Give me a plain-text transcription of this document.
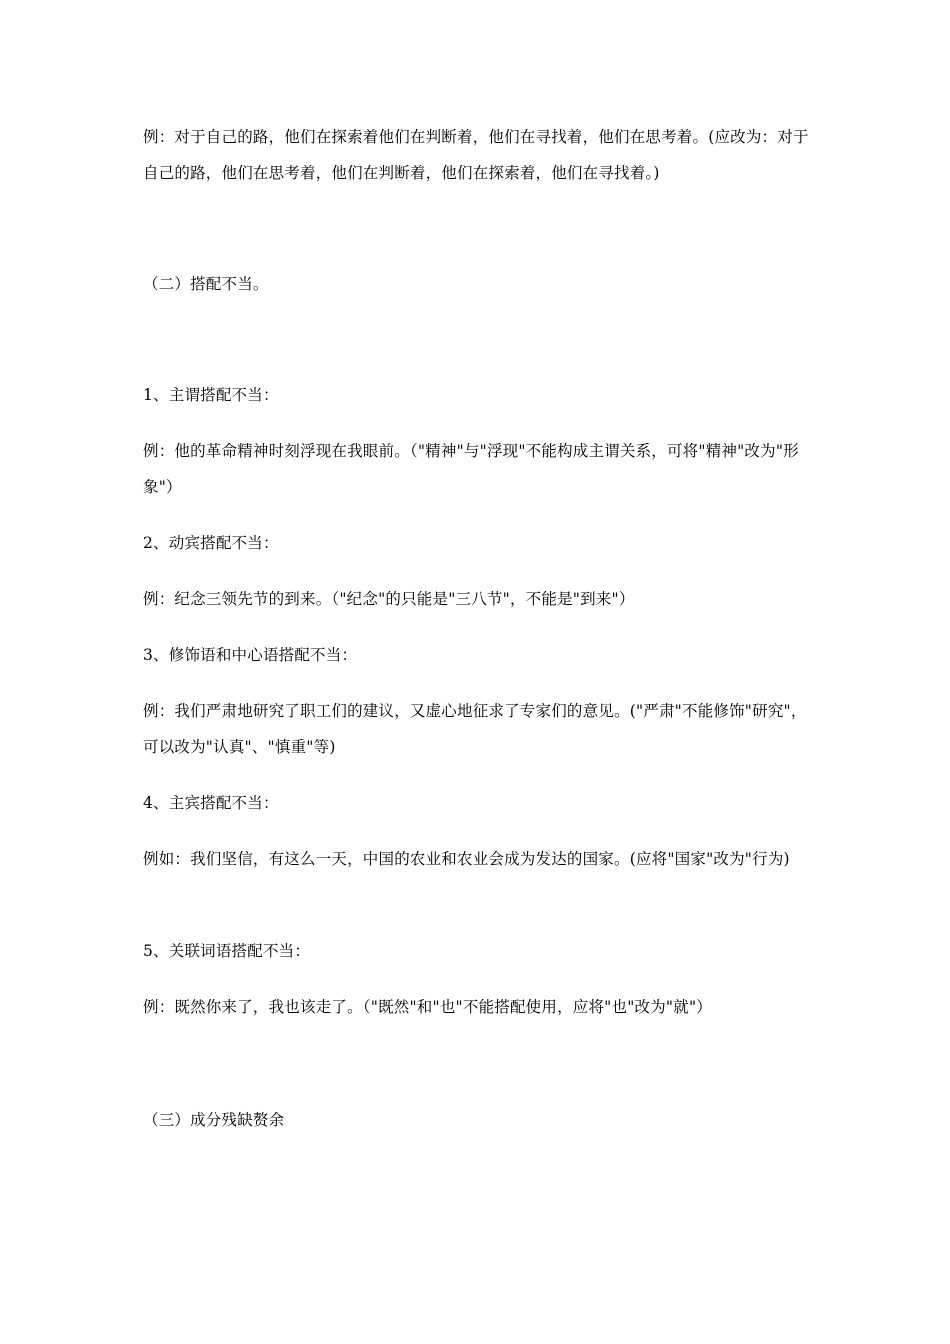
例：对于自己的路，他们在探索着他们在判断着，他们在寻找着，他们在思考着。(应改为：对于自己的路，他们在思考着，他们在判断着，他们在探索着，他们在寻找着。)
（二）搭配不当。
1、主谓搭配不当：
例：他的革命精神时刻浮现在我眼前。（"精神"与"浮现"不能构成主谓关系，可将"精神"改为"形象"）
2、动宾搭配不当：
例：纪念三领先节的到来。（"纪念"的只能是"三八节"，不能是"到来"）
3、修饰语和中心语搭配不当：
例：我们严肃地研究了职工们的建议，又虚心地征求了专家们的意见。("严肃"不能修饰"研究"，可以改为"认真"、"慎重"等)
4、主宾搭配不当：
例如：我们坚信，有这么一天，中国的农业和农业会成为发达的国家。(应将"国家"改为"行为)
5、关联词语搭配不当：
例：既然你来了，我也该走了。（"既然"和"也"不能搭配使用，应将"也"改为"就"）
（三）成分残缺赘余
